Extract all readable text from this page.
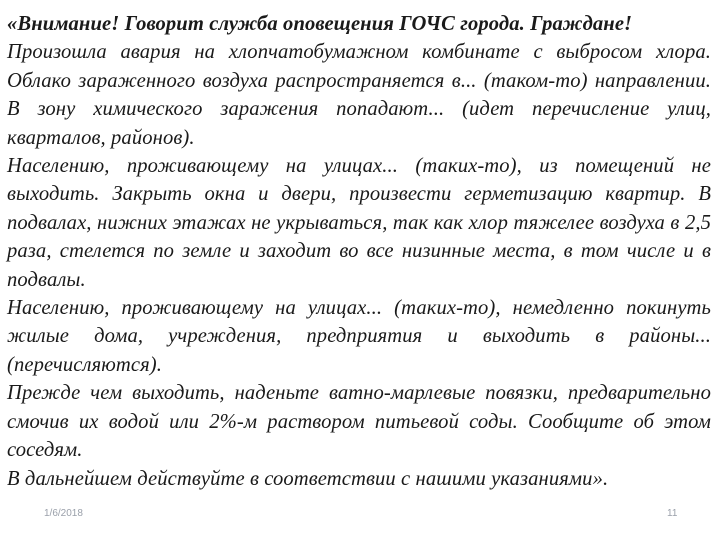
«Внимание! Говорит служба оповещения ГОЧС города. Граждане!

Произошла авария на хлопчатобумажном комбинате с выбросом хлора. Облако зараженного воздуха распространяется в... (таком-то) направлении. В зону химического заражения попадают... (идет перечисление улиц, кварталов, районов).

Населению, проживающему на улицах... (таких-то), из помещений не выходить. Закрыть окна и двери, произвести герметизацию квартир. В подвалах, нижних этажах не укрываться, так как хлор тяжелее воздуха в 2,5 раза, стелется по земле и заходит во все низинные места, в том числе и в подвалы.

Населению, проживающему на улицах... (таких-то), немедленно покинуть жилые дома, учреждения, предприятия и выходить в районы... (перечисляются).

Прежде чем выходить, наденьте ватно-марлевые повязки, предварительно смочив их водой или 2%-м раствором питьевой соды. Сообщите об этом соседям.

В дальнейшем действуйте в соответствии с нашими указаниями».

1/6/2018	11
